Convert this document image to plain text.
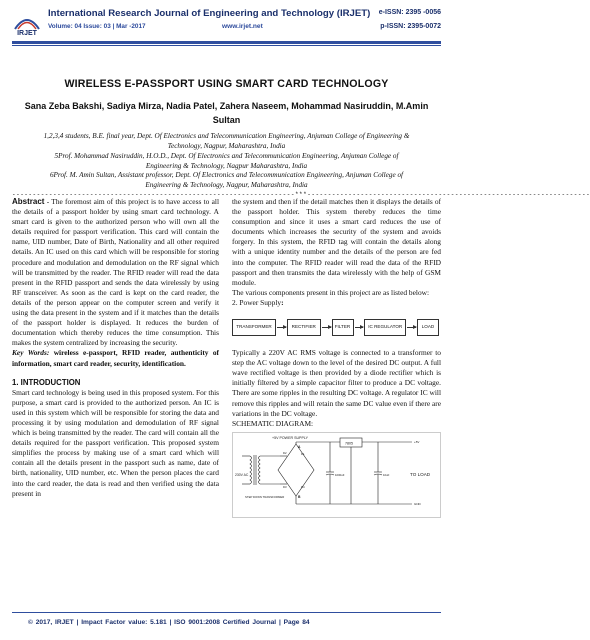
IRJET
International Research Journal of Engineering and Technology (IRJET)
Volume: 04 Issue: 03 | Mar -2017	www.irjet.net
e-ISSN: 2395 -0056
p-ISSN: 2395-0072
WIRELESS E-PASSPORT USING SMART CARD TECHNOLOGY
Sana Zeba Bakshi, Sadiya Mirza, Nadia Patel, Zahera Naseem, Mohammad Nasiruddin, M.Amin Sultan
1,2,3,4 students, B.E. final year, Dept. Of Electronics and Telecommunication Engineering, Anjuman College of Engineering & Technology, Nagpur, Maharashtra, India
5Prof. Mohammad Nasiruddin, H.O.D., Dept. Of Electronics and Telecommunication Engineering, Anjuman College of Engineering & Technology, Nagpur Maharashtra, India
6Prof. M. Amin Sultan, Assistant professor, Dept. Of Electronics and Telecommunication Engineering, Anjuman College of Engineering & Technology, Nagpur, Maharashtra, India
---------------------------------------------------------------------***---------------------------------------------------------------------

Abstract - The foremost aim of this project is to have access to all the details of a passport holder by using smart card technology. A smart card is given to the authorized person who will own all the details required for passport verification. This card will contain the name, UID number, Date of Birth, Nationality and all other required details. An IC used on this card which will be responsible for storing procedure and modulation and demodulation on the RF signal which will be transmitted by the reader. The RFID reader will read the data present in the RFID passport and sends the data wirelessly by using RF transceiver. As soon as the card is kept on the card reader, the details of the person appear on the computer screen and verify it using the data present in the system and if it matches than the details of the passport holder is displayed. It reduces the burden of documentation which thereby reduces the time consumption. This makes the system centralized by increasing the security.

Key Words: wireless e-passport, RFID reader, authenticity of information, smart card reader, security, identification.

1. INTRODUCTION

Smart card technology is being used in this proposed system. For this purpose, a smart card is provided to the authorized person. An IC is used in this system which will be responsible for storing the data and processing it by using modulation and demodulation of RF signal which is being transmitted by the reader. The card will contain all the details required for the passport verification. This proposed system simplifies the process by making use of a smart card which will contain all the details present in the passport such as name, date of birth, nationality, UID number, etc. When the person places the card into the card reader, the data is read and then verified using the data present in

the system and then if the detail matches then it displays the details of the passport holder. This system thereby reduces the time consumption and since it uses a smart card reduces the use of documents which increases the security of the system and avoids forgery. In this system, the RFID tag will contain the details along with a unique identity number and the details of the person are fed into the computer. The RFID reader will read the data of the RFID passport and then transmits the data wirelessly with the help of GSM module.

The various components present in this project are as listed below:

2. Power Supply:

TRANSFORMER	RECTIFIER	FILTER	IC REGULATOR	LOAD

Typically a 220V AC RMS voltage is connected to a transformer to step the AC voltage down to the level of the desired DC output. A full wave rectified voltage is then provided by a diode rectifier which is initially filtered by a simple capacitor filter to produce a DC voltage. There are some ripples in the resulting DC voltage. A regulator IC will remove this ripples and will retain the same DC value even if there are variations in the DC voltage.

SCHEMATIC DIAGRAM:

+5V POWER SUPPLY
230V AC
STEP DOWN TRANSFORMER
D1
D2
D3	D4
A
B
1000uF
7805
10uF
+5V
TO LOAD
GND
© 2017, IRJET | Impact Factor value: 5.181 | ISO 9001:2008 Certified Journal | Page 84
